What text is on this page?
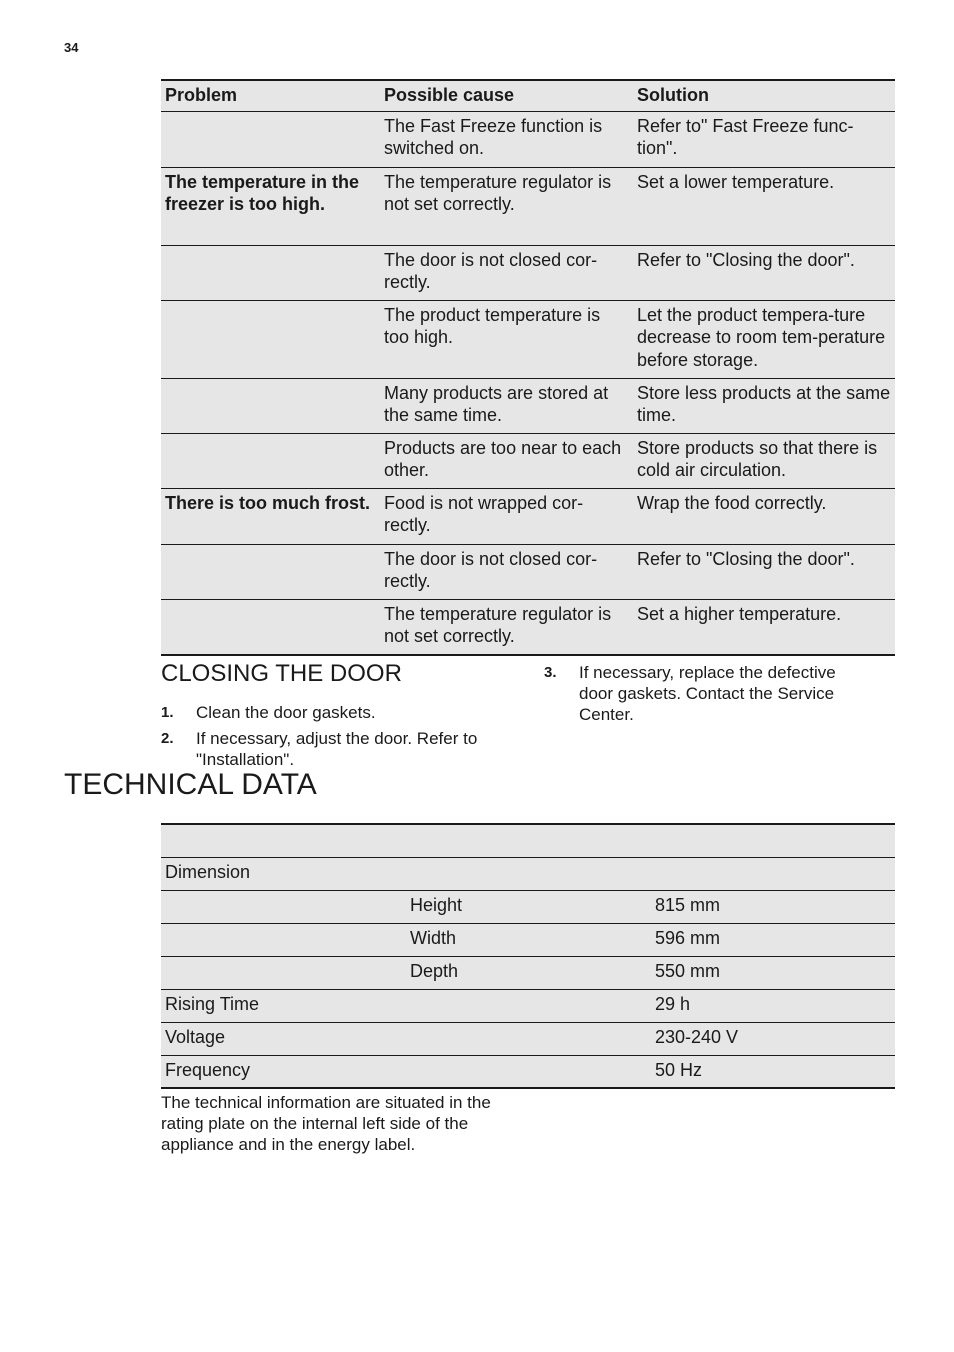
34
Problem	Possible cause	Solution
	The Fast Freeze function is switched on.	Refer to" Fast Freeze func-tion".
The temperature in the freezer is too high.	The temperature regulator is not set correctly.	Set a lower temperature.
	The door is not closed cor-rectly.	Refer to "Closing the door".
	The product temperature is too high.	Let the product tempera-ture decrease to room tem-perature before storage.
	Many products are stored at the same time.	Store less products at the same time.
	Products are too near to each other.	Store products so that there is cold air circulation.
There is too much frost.	Food is not wrapped cor-rectly.	Wrap the food correctly.
	The door is not closed cor-rectly.	Refer to "Closing the door".
	The temperature regulator is not set correctly.	Set a higher temperature.
CLOSING THE DOOR
1. Clean the door gaskets.
2. If necessary, adjust the door. Refer to "Installation".
3. If necessary, replace the defective door gaskets. Contact the Service Center.
TECHNICAL DATA

Dimension		
	Height	815 mm
	Width	596 mm
	Depth	550 mm
Rising Time		29 h
Voltage		230-240 V
Frequency		50 Hz

The technical information are situated in the rating plate on the internal left side of the appliance and in the energy label.
